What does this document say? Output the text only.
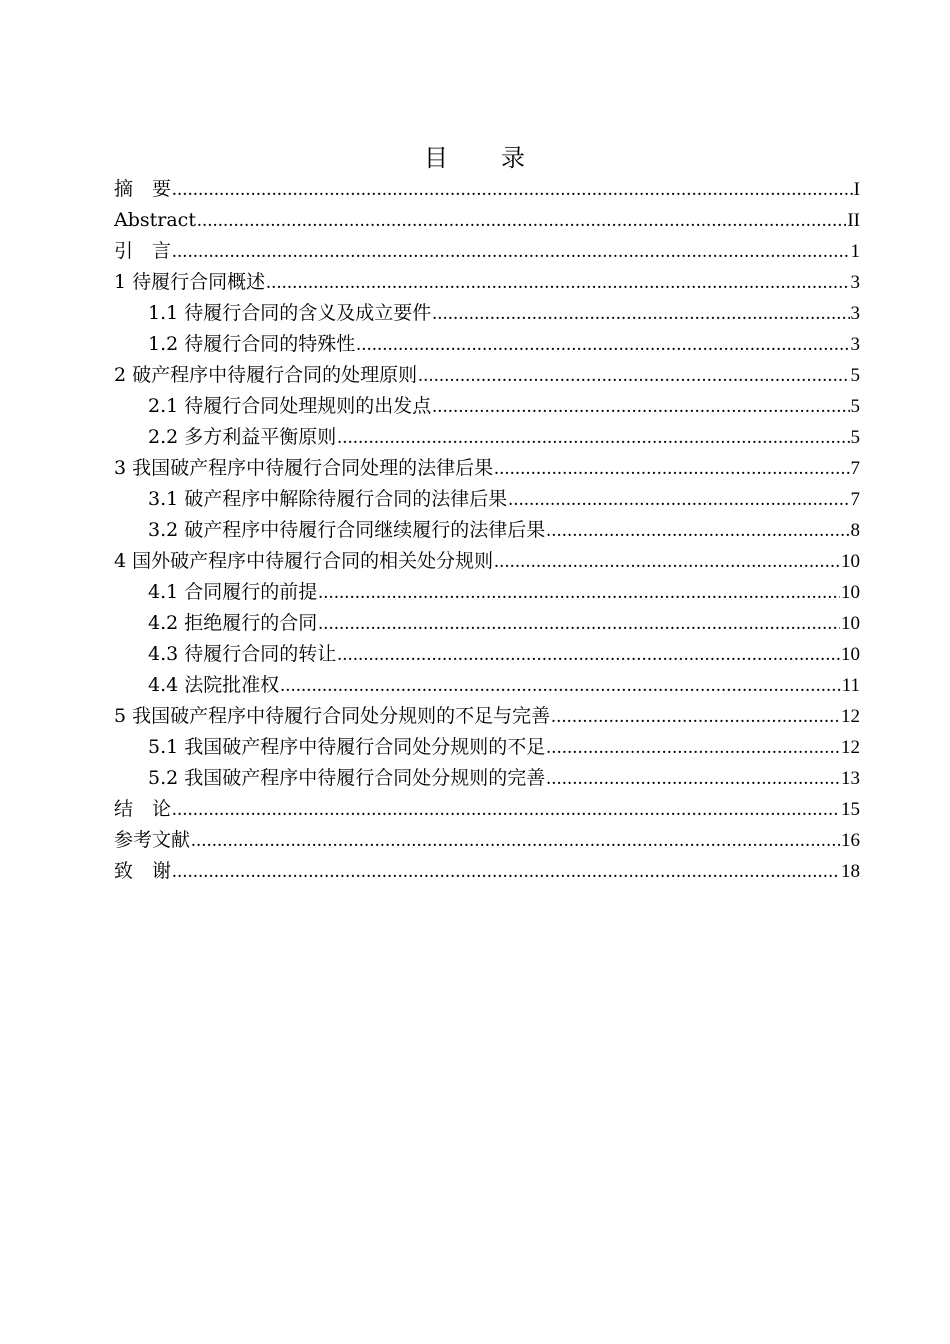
目 录
摘　要 .....	I
Abstract .....	II
引　言 .....	1
1 待履行合同概述 .....	3
1.1 待履行合同的含义及成立要件 .....	3
1.2 待履行合同的特殊性 .....	3
2 破产程序中待履行合同的处理原则 .....	5
2.1 待履行合同处理规则的出发点 .....	5
2.2 多方利益平衡原则 .....	5
3 我国破产程序中待履行合同处理的法律后果 .....	7
3.1 破产程序中解除待履行合同的法律后果 .....	7
3.2 破产程序中待履行合同继续履行的法律后果 .....	8
4 国外破产程序中待履行合同的相关处分规则 .....	10
4.1 合同履行的前提 .....	10
4.2 拒绝履行的合同 .....	10
4.3 待履行合同的转让 .....	10
4.4 法院批准权 .....	11
5 我国破产程序中待履行合同处分规则的不足与完善 .....	12
5.1 我国破产程序中待履行合同处分规则的不足 .....	12
5.2 我国破产程序中待履行合同处分规则的完善 .....	13
结　论 .....	15
参考文献 .....	16
致　谢 .....	18
